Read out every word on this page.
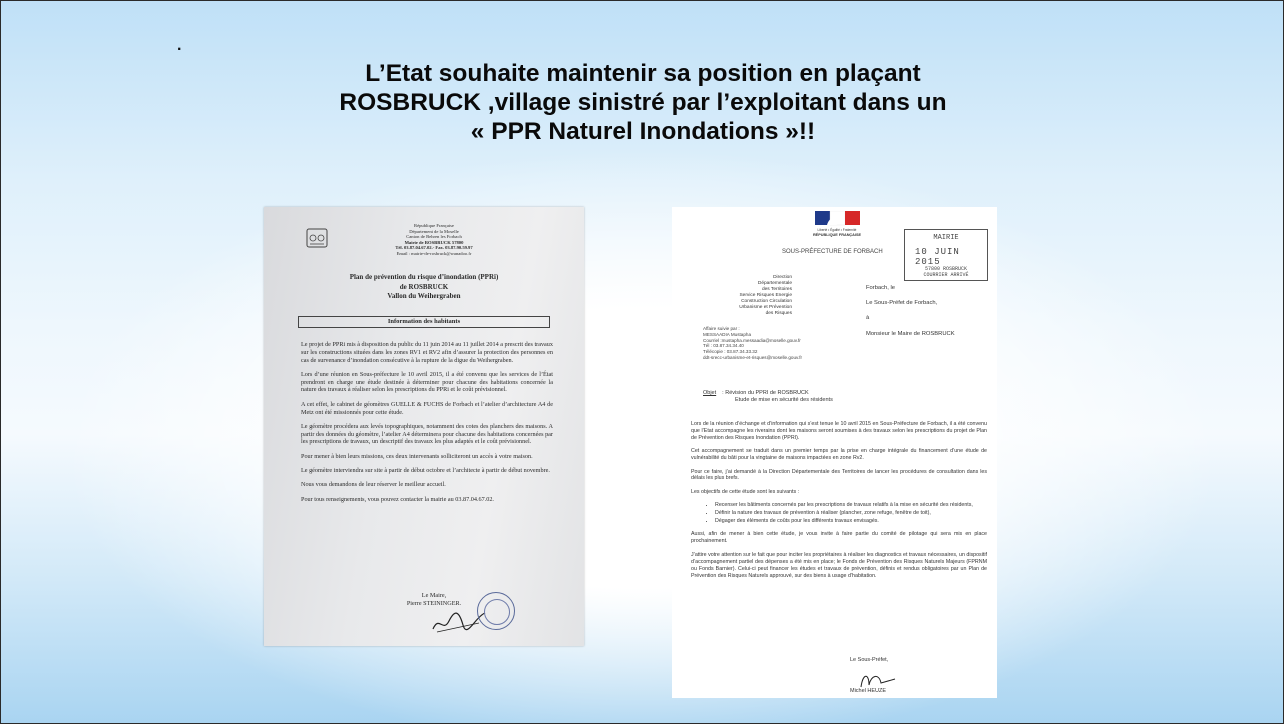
.
L’Etat souhaite maintenir sa position en plaçant
ROSBRUCK ,village sinistré par l’exploitant dans un
« PPR Naturel Inondations »!!
République Française
Département de la Moselle
Canton de Behren les Forbach
Mairie de ROSBRUCK 57800
Tél. 03.87.04.67.02.- Fax. 03.87.90.59.97
Email : mairie-de-rosbruck@wanadoo.fr
Plan de prévention du risque d’inondation (PPRi)
de ROSBRUCK
Vallon du Weihergraben
Information des habitants

Le projet de PPRi mis à disposition du public du 11 juin 2014 au 11 juillet 2014 a prescrit des travaux sur les constructions situées dans les zones RV1 et RV2 afin d’assurer la protection des personnes en cas de survenance d’inondation consécutive à la rupture de la digue du Weihergraben.

Lors d’une réunion en Sous-préfecture le 10 avril 2015, il a été convenu que les services de l’État prendront en charge une étude destinée à déterminer pour chacune des habitations concernée la nature des travaux à réaliser selon les prescriptions du PPRi et le coût prévisionnel.

A cet effet, le cabinet de géomètres GUELLE & FUCHS de Forbach et l’atelier d’architecture A4 de Metz ont été missionnés pour cette étude.

Le géomètre procédera aux levés topographiques, notamment des cotes des planchers des maisons. A partir des données du géomètre, l’atelier A4 déterminera pour chacune des habitations concernées par les prescriptions de travaux, un descriptif des travaux les plus adaptés et le coût prévisionnel.

Pour mener à bien leurs missions, ces deux intervenants solliciteront un accès à votre maison.

Le géomètre interviendra sur site à partir de début octobre et l’architecte à partir de début novembre.

Nous vous demandons de leur réserver le meilleur accueil.

Pour tous renseignements, vous pouvez contacter la mairie au 03.87.04.67.02.

Le Maire,
Pierre STEININGER.
Liberté • Égalité • Fraternité
RÉPUBLIQUE FRANÇAISE
SOUS-PRÉFECTURE DE FORBACH
MAIRIE
10 JUIN 2015
57800 ROSBRUCK
COURRIER ARRIVÉ
Direction
Départementale
des Territoires
Service Risques Energie
Construction Circulation
Urbanisme et Prévention
des Risques
Forbach, le
Le Sous-Préfet de Forbach,
à
Monsieur le Maire de ROSBRUCK
Affaire suivie par :
MESSAADIA Mustapha
Courriel :mustapha.messaadia@moselle.gouv.fr
Tél : 03.87.34.34.40
Télécopie : 03.87.34.33.32
ddt-srecc-urbanisme-et-risques@moselle.gouv.fr
Objet : Révision du PPRI de ROSBRUCK
Etude de mise en sécurité des résidents

Lors de la réunion d’échange et d’information qui s’est tenue le 10 avril 2015 en Sous-Préfecture de Forbach, il a été convenu que l’Etat accompagne les riverains dont les maisons seront soumises à des travaux selon les prescriptions du projet de Plan de Prévention des Risques Inondation (PPRI).

Cet accompagnement se traduit dans un premier temps par la prise en charge intégrale du financement d’une étude de vulnérabilité du bâti pour la vingtaine de maisons impactées en zone Rv2.

Pour ce faire, j’ai demandé à la Direction Départementale des Territoires de lancer les procédures de consultation dans les délais les plus brefs.

Les objectifs de cette étude sont les suivants :

• Recenser les bâtiments concernés par les prescriptions de travaux relatifs à la mise en sécurité des résidents,
• Définir la nature des travaux de prévention à réaliser (plancher, zone refuge, fenêtre de toit),
• Dégager des éléments de coûts pour les différents travaux envisagés.

Aussi, afin de mener à bien cette étude, je vous invite à faire partie du comité de pilotage qui sera mis en place prochainement.

J’attire votre attention sur le fait que pour inciter les propriétaires à réaliser les diagnostics et travaux nécessaires, un dispositif d’accompagnement partiel des dépenses a été mis en place; le Fonds de Prévention des Risques Naturels Majeurs (FPRNM ou Fonds Barnier). Celui-ci peut financer les études et travaux de prévention, définis et rendus obligatoires par un Plan de Prévention des Risques Naturels approuvé, sur des biens à usage d’habitation.

Le Sous-Préfet,
Michel HEUZE
